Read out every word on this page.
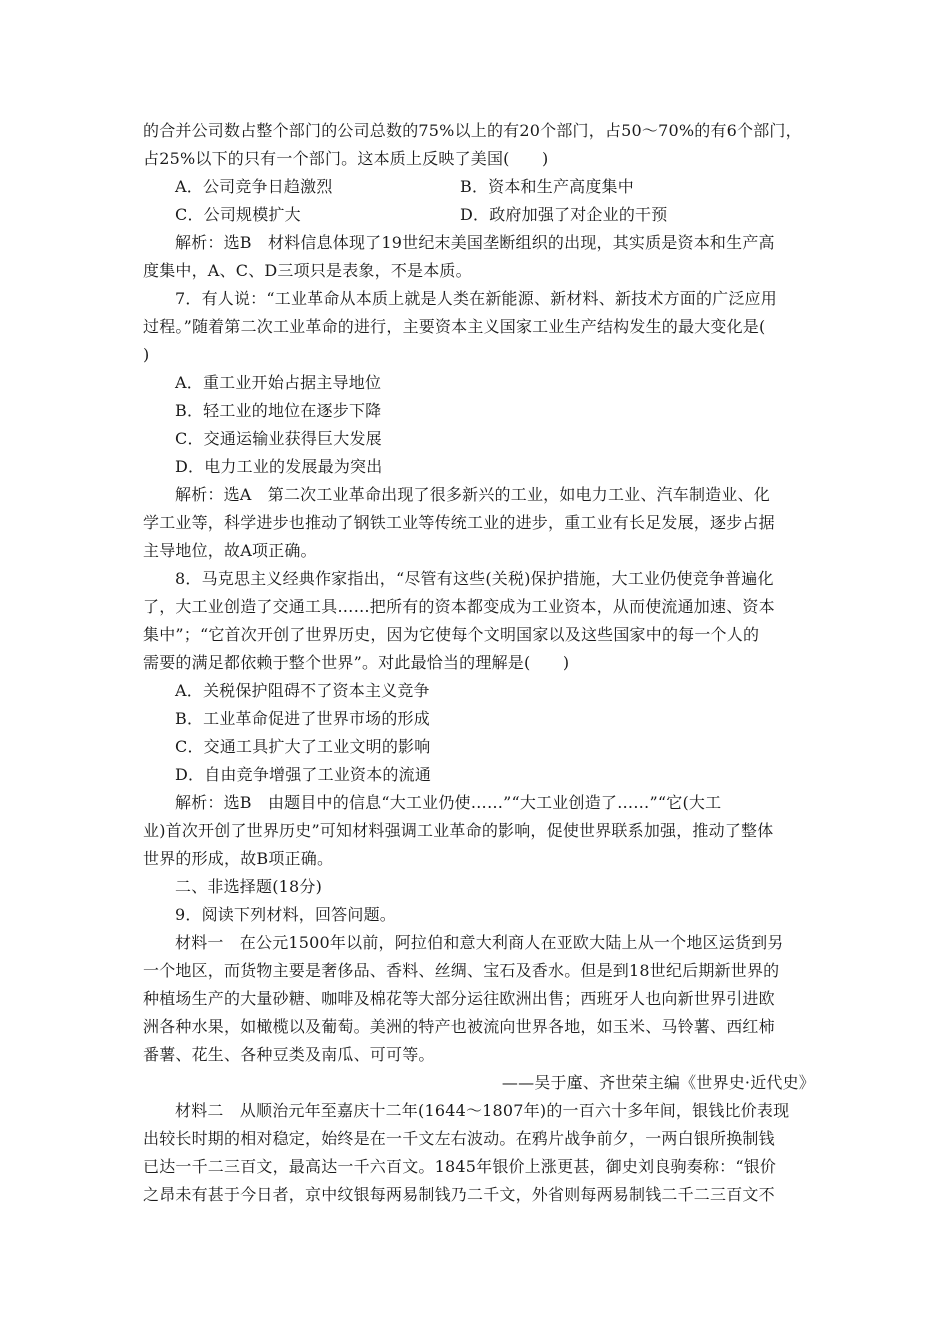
的合并公司数占整个部门的公司总数的75%以上的有20个部门，占50～70%的有6个部门，
占25%以下的只有一个部门。这本质上反映了美国(　　)
A．公司竞争日趋激烈	B．资本和生产高度集中
C．公司规模扩大	D．政府加强了对企业的干预
解析：选B　材料信息体现了19世纪末美国垄断组织的出现，其实质是资本和生产高
度集中，A、C、D三项只是表象，不是本质。
7．有人说：“工业革命从本质上就是人类在新能源、新材料、新技术方面的广泛应用
过程。”随着第二次工业革命的进行，主要资本主义国家工业生产结构发生的最大变化是(
)
A．重工业开始占据主导地位
B．轻工业的地位在逐步下降
C．交通运输业获得巨大发展
D．电力工业的发展最为突出
解析：选A　第二次工业革命出现了很多新兴的工业，如电力工业、汽车制造业、化
学工业等，科学进步也推动了钢铁工业等传统工业的进步，重工业有长足发展，逐步占据
主导地位，故A项正确。
8．马克思主义经典作家指出，“尽管有这些(关税)保护措施，大工业仍使竞争普遍化
了，大工业创造了交通工具……把所有的资本都变成为工业资本，从而使流通加速、资本
集中”；“它首次开创了世界历史，因为它使每个文明国家以及这些国家中的每一个人的
需要的满足都依赖于整个世界”。对此最恰当的理解是(　　)
A．关税保护阻碍不了资本主义竞争
B．工业革命促进了世界市场的形成
C．交通工具扩大了工业文明的影响
D．自由竞争增强了工业资本的流通
解析：选B　由题目中的信息“大工业仍使……”“大工业创造了……”“它(大工
业)首次开创了世界历史”可知材料强调工业革命的影响，促使世界联系加强，推动了整体
世界的形成，故B项正确。
二、非选择题(18分)
9．阅读下列材料，回答问题。
材料一　在公元1500年以前，阿拉伯和意大利商人在亚欧大陆上从一个地区运货到另
一个地区，而货物主要是奢侈品、香料、丝绸、宝石及香水。但是到18世纪后期新世界的
种植场生产的大量砂糖、咖啡及棉花等大部分运往欧洲出售；西班牙人也向新世界引进欧
洲各种水果，如橄榄以及葡萄。美洲的特产也被流向世界各地，如玉米、马铃薯、西红柿
番薯、花生、各种豆类及南瓜、可可等。
——吴于廑、齐世荣主编《世界史·近代史》
材料二　从顺治元年至嘉庆十二年(1644～1807年)的一百六十多年间，银钱比价表现
出较长时期的相对稳定，始终是在一千文左右波动。在鸦片战争前夕，一两白银所换制钱
已达一千二三百文，最高达一千六百文。1845年银价上涨更甚，御史刘良驹奏称：“银价
之昂未有甚于今日者，京中纹银每两易制钱乃二千文，外省则每两易制钱二千二三百文不
